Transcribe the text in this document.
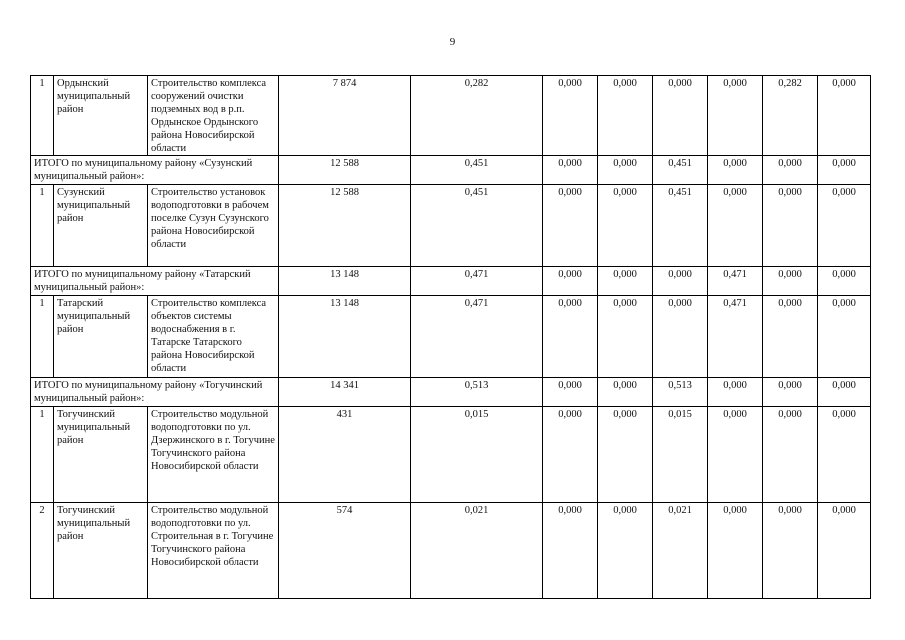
9
1	Ордынский муниципальный район	Строительство комплекса сооружений очистки подземных вод в р.п. Ордынское Ордынского района Новосибирской области	7 874	0,282	0,000	0,000	0,000	0,000	0,282	0,000
ИТОГО по муниципальному району «Сузунский муниципальный район»:			12 588	0,451	0,000	0,000	0,451	0,000	0,000	0,000
1	Сузунский муниципальный район	Строительство установок водоподготовки в рабочем поселке Сузун Сузунского района Новосибирской области	12 588	0,451	0,000	0,000	0,451	0,000	0,000	0,000
ИТОГО по муниципальному району «Татарский муниципальный район»:			13 148	0,471	0,000	0,000	0,000	0,471	0,000	0,000
1	Татарский муниципальный район	Строительство комплекса объектов системы водоснабжения в г. Татарске Татарского района Новосибирской области	13 148	0,471	0,000	0,000	0,000	0,471	0,000	0,000
ИТОГО по муниципальному району «Тогучинский муниципальный район»:			14 341	0,513	0,000	0,000	0,513	0,000	0,000	0,000
1	Тогучинский муниципальный район	Строительство модульной водоподготовки по ул. Дзержинского в г. Тогучине Тогучинского района Новосибирской области	431	0,015	0,000	0,000	0,015	0,000	0,000	0,000
2	Тогучинский муниципальный район	Строительство модульной водоподготовки по ул. Строительная в г. Тогучине Тогучинского района Новосибирской области	574	0,021	0,000	0,000	0,021	0,000	0,000	0,000
